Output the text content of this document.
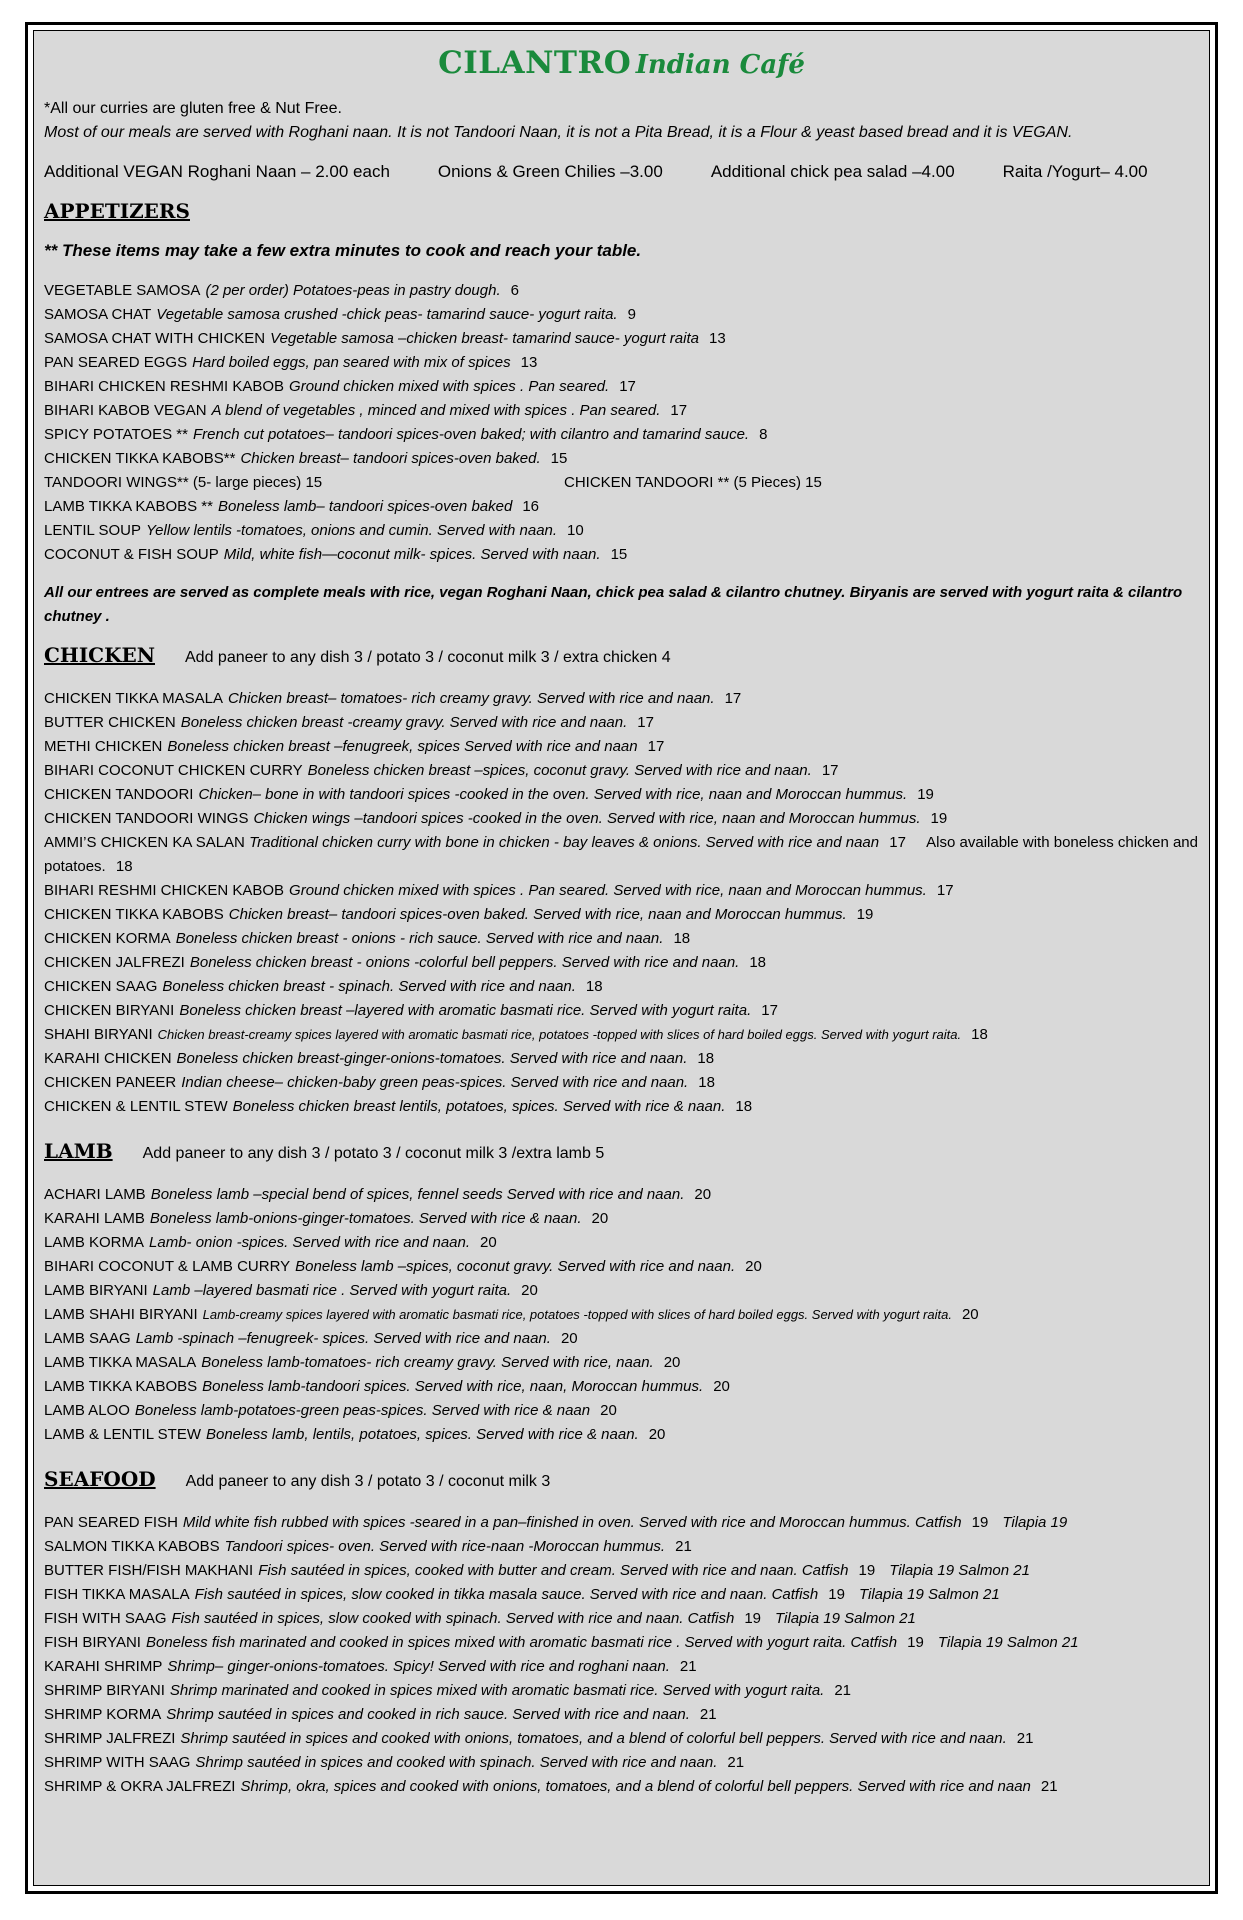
CILANTRO Indian Café
*All our curries are gluten free & Nut Free.
Most of our meals are served with Roghani naan. It is not Tandoori Naan, it is not a Pita Bread, it is a Flour & yeast based bread and it is VEGAN.
Additional VEGAN Roghani Naan – 2.00 each	Onions & Green Chilies –3.00	Additional chick pea salad –4.00	Raita /Yogurt– 4.00
APPETIZERS
** These items may take a few extra minutes to cook and reach your table.
VEGETABLE SAMOSA (2 per order) Potatoes-peas in pastry dough. 6
SAMOSA CHAT Vegetable samosa crushed -chick peas- tamarind sauce- yogurt raita. 9
SAMOSA CHAT WITH CHICKEN Vegetable samosa –chicken breast- tamarind sauce- yogurt raita 13
PAN SEARED EGGS Hard boiled eggs, pan seared with mix of spices 13
BIHARI CHICKEN RESHMI KABOB Ground chicken mixed with spices . Pan seared. 17
BIHARI KABOB VEGAN A blend of vegetables , minced and mixed with spices . Pan seared. 17
SPICY POTATOES ** French cut potatoes– tandoori spices-oven baked; with cilantro and tamarind sauce. 8
CHICKEN TIKKA KABOBS** Chicken breast– tandoori spices-oven baked. 15
TANDOORI WINGS** (5- large pieces) 15	CHICKEN TANDOORI ** (5 Pieces) 15
LAMB TIKKA KABOBS ** Boneless lamb– tandoori spices-oven baked 16
LENTIL SOUP Yellow lentils -tomatoes, onions and cumin. Served with naan. 10
COCONUT & FISH SOUP Mild, white fish—coconut milk- spices. Served with naan. 15
All our entrees are served as complete meals with rice, vegan Roghani Naan, chick pea salad & cilantro chutney. Biryanis are served with yogurt raita & cilantro chutney .
CHICKEN Add paneer to any dish 3 / potato 3 / coconut milk 3 / extra chicken 4
CHICKEN TIKKA MASALA Chicken breast– tomatoes- rich creamy gravy. Served with rice and naan. 17
BUTTER CHICKEN Boneless chicken breast -creamy gravy. Served with rice and naan. 17
METHI CHICKEN Boneless chicken breast –fenugreek, spices Served with rice and naan 17
BIHARI COCONUT CHICKEN CURRY Boneless chicken breast –spices, coconut gravy. Served with rice and naan. 17
CHICKEN TANDOORI Chicken– bone in with tandoori spices -cooked in the oven. Served with rice, naan and Moroccan hummus. 19
CHICKEN TANDOORI WINGS Chicken wings –tandoori spices -cooked in the oven. Served with rice, naan and Moroccan hummus. 19
AMMI’S CHICKEN KA SALAN Traditional chicken curry with bone in chicken - bay leaves & onions. Served with rice and naan 17 Also available with boneless chicken and potatoes. 18
BIHARI RESHMI CHICKEN KABOB Ground chicken mixed with spices . Pan seared. Served with rice, naan and Moroccan hummus. 17
CHICKEN TIKKA KABOBS Chicken breast– tandoori spices-oven baked. Served with rice, naan and Moroccan hummus. 19
CHICKEN KORMA Boneless chicken breast - onions - rich sauce. Served with rice and naan. 18
CHICKEN JALFREZI Boneless chicken breast - onions -colorful bell peppers. Served with rice and naan. 18
CHICKEN SAAG Boneless chicken breast - spinach. Served with rice and naan. 18
CHICKEN BIRYANI Boneless chicken breast –layered with aromatic basmati rice. Served with yogurt raita. 17
SHAHI BIRYANI Chicken breast-creamy spices layered with aromatic basmati rice, potatoes -topped with slices of hard boiled eggs. Served with yogurt raita. 18
KARAHI CHICKEN Boneless chicken breast-ginger-onions-tomatoes. Served with rice and naan. 18
CHICKEN PANEER Indian cheese– chicken-baby green peas-spices. Served with rice and naan. 18
CHICKEN & LENTIL STEW Boneless chicken breast lentils, potatoes, spices. Served with rice & naan. 18
LAMB Add paneer to any dish 3 / potato 3 / coconut milk 3 /extra lamb 5
ACHARI LAMB Boneless lamb –special bend of spices, fennel seeds Served with rice and naan. 20
KARAHI LAMB Boneless lamb-onions-ginger-tomatoes. Served with rice & naan. 20
LAMB KORMA Lamb- onion -spices. Served with rice and naan. 20
BIHARI COCONUT & LAMB CURRY Boneless lamb –spices, coconut gravy. Served with rice and naan. 20
LAMB BIRYANI Lamb –layered basmati rice . Served with yogurt raita. 20
LAMB SHAHI BIRYANI Lamb-creamy spices layered with aromatic basmati rice, potatoes -topped with slices of hard boiled eggs. Served with yogurt raita. 20
LAMB SAAG Lamb -spinach –fenugreek- spices. Served with rice and naan. 20
LAMB TIKKA MASALA Boneless lamb-tomatoes- rich creamy gravy. Served with rice, naan. 20
LAMB TIKKA KABOBS Boneless lamb-tandoori spices. Served with rice, naan, Moroccan hummus. 20
LAMB ALOO Boneless lamb-potatoes-green peas-spices. Served with rice & naan 20
LAMB & LENTIL STEW Boneless lamb, lentils, potatoes, spices. Served with rice & naan. 20
SEAFOOD Add paneer to any dish 3 / potato 3 / coconut milk 3
PAN SEARED FISH Mild white fish rubbed with spices -seared in a pan–finished in oven. Served with rice and Moroccan hummus. Catfish 19 Tilapia 19
SALMON TIKKA KABOBS Tandoori spices- oven. Served with rice-naan -Moroccan hummus. 21
BUTTER FISH/FISH MAKHANI Fish sautéed in spices, cooked with butter and cream. Served with rice and naan. Catfish 19 Tilapia 19 Salmon 21
FISH TIKKA MASALA Fish sautéed in spices, slow cooked in tikka masala sauce. Served with rice and naan. Catfish 19 Tilapia 19 Salmon 21
FISH WITH SAAG Fish sautéed in spices, slow cooked with spinach. Served with rice and naan. Catfish 19 Tilapia 19 Salmon 21
FISH BIRYANI Boneless fish marinated and cooked in spices mixed with aromatic basmati rice . Served with yogurt raita. Catfish 19 Tilapia 19 Salmon 21
KARAHI SHRIMP Shrimp– ginger-onions-tomatoes. Spicy! Served with rice and roghani naan. 21
SHRIMP BIRYANI Shrimp marinated and cooked in spices mixed with aromatic basmati rice. Served with yogurt raita. 21
SHRIMP KORMA Shrimp sautéed in spices and cooked in rich sauce. Served with rice and naan. 21
SHRIMP JALFREZI Shrimp sautéed in spices and cooked with onions, tomatoes, and a blend of colorful bell peppers. Served with rice and naan. 21
SHRIMP WITH SAAG Shrimp sautéed in spices and cooked with spinach. Served with rice and naan. 21
SHRIMP & OKRA JALFREZI Shrimp, okra, spices and cooked with onions, tomatoes, and a blend of colorful bell peppers. Served with rice and naan 21
